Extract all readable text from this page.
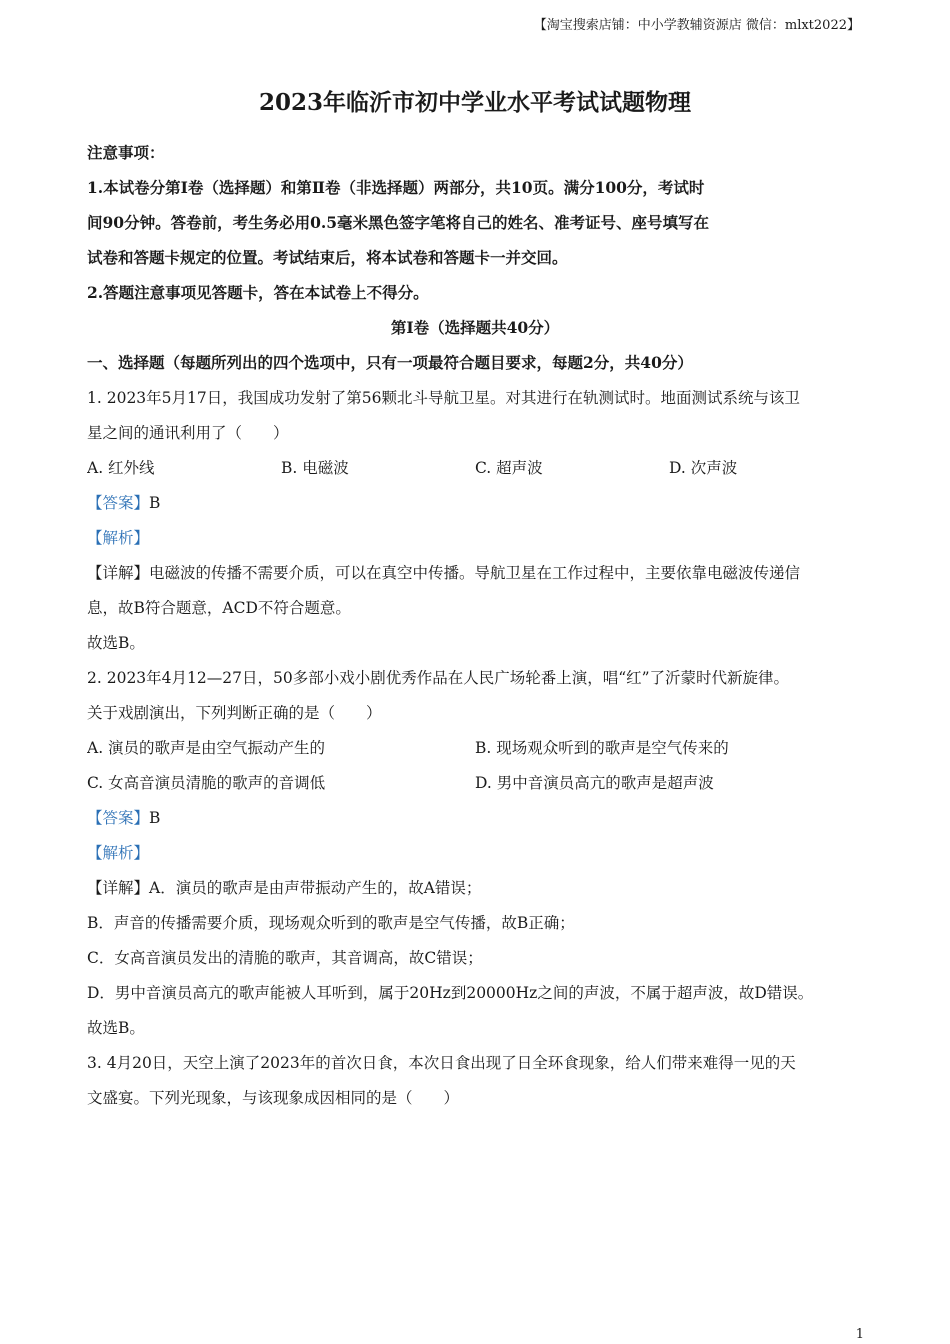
【淘宝搜索店铺：中小学教辅资源店 微信：mlxt2022】
2023年临沂市初中学业水平考试试题物理
注意事项：
1.本试卷分第Ⅰ卷（选择题）和第Ⅱ卷（非选择题）两部分，共10页。满分100分，考试时
间90分钟。答卷前，考生务必用0.5毫米黑色签字笔将自己的姓名、准考证号、座号填写在
试卷和答题卡规定的位置。考试结束后，将本试卷和答题卡一并交回。
2.答题注意事项见答题卡，答在本试卷上不得分。
第Ⅰ卷（选择题共40分）
一、选择题（每题所列出的四个选项中，只有一项最符合题目要求，每题2分，共40分）
1. 2023年5月17日，我国成功发射了第56颗北斗导航卫星。对其进行在轨测试时。地面测试系统与该卫
星之间的通讯利用了（　　）
A. 红外线	B. 电磁波	C. 超声波	D. 次声波
【答案】B
【解析】
【详解】电磁波的传播不需要介质，可以在真空中传播。导航卫星在工作过程中，主要依靠电磁波传递信
息，故B符合题意，ACD不符合题意。
故选B。
2. 2023年4月12—27日，50多部小戏小剧优秀作品在人民广场轮番上演，唱“红”了沂蒙时代新旋律。
关于戏剧演出，下列判断正确的是（　　）
A. 演员的歌声是由空气振动产生的	B. 现场观众听到的歌声是空气传来的
C. 女高音演员清脆的歌声的音调低	D. 男中音演员高亢的歌声是超声波
【答案】B
【解析】
【详解】A．演员的歌声是由声带振动产生的，故A错误；
B．声音的传播需要介质，现场观众听到的歌声是空气传播，故B正确；
C．女高音演员发出的清脆的歌声，其音调高，故C错误；
D．男中音演员高亢的歌声能被人耳听到，属于20Hz到20000Hz之间的声波，不属于超声波，故D错误。
故选B。
3. 4月20日，天空上演了2023年的首次日食，本次日食出现了日全环食现象，给人们带来难得一见的天
文盛宴。下列光现象，与该现象成因相同的是（　　）
1
